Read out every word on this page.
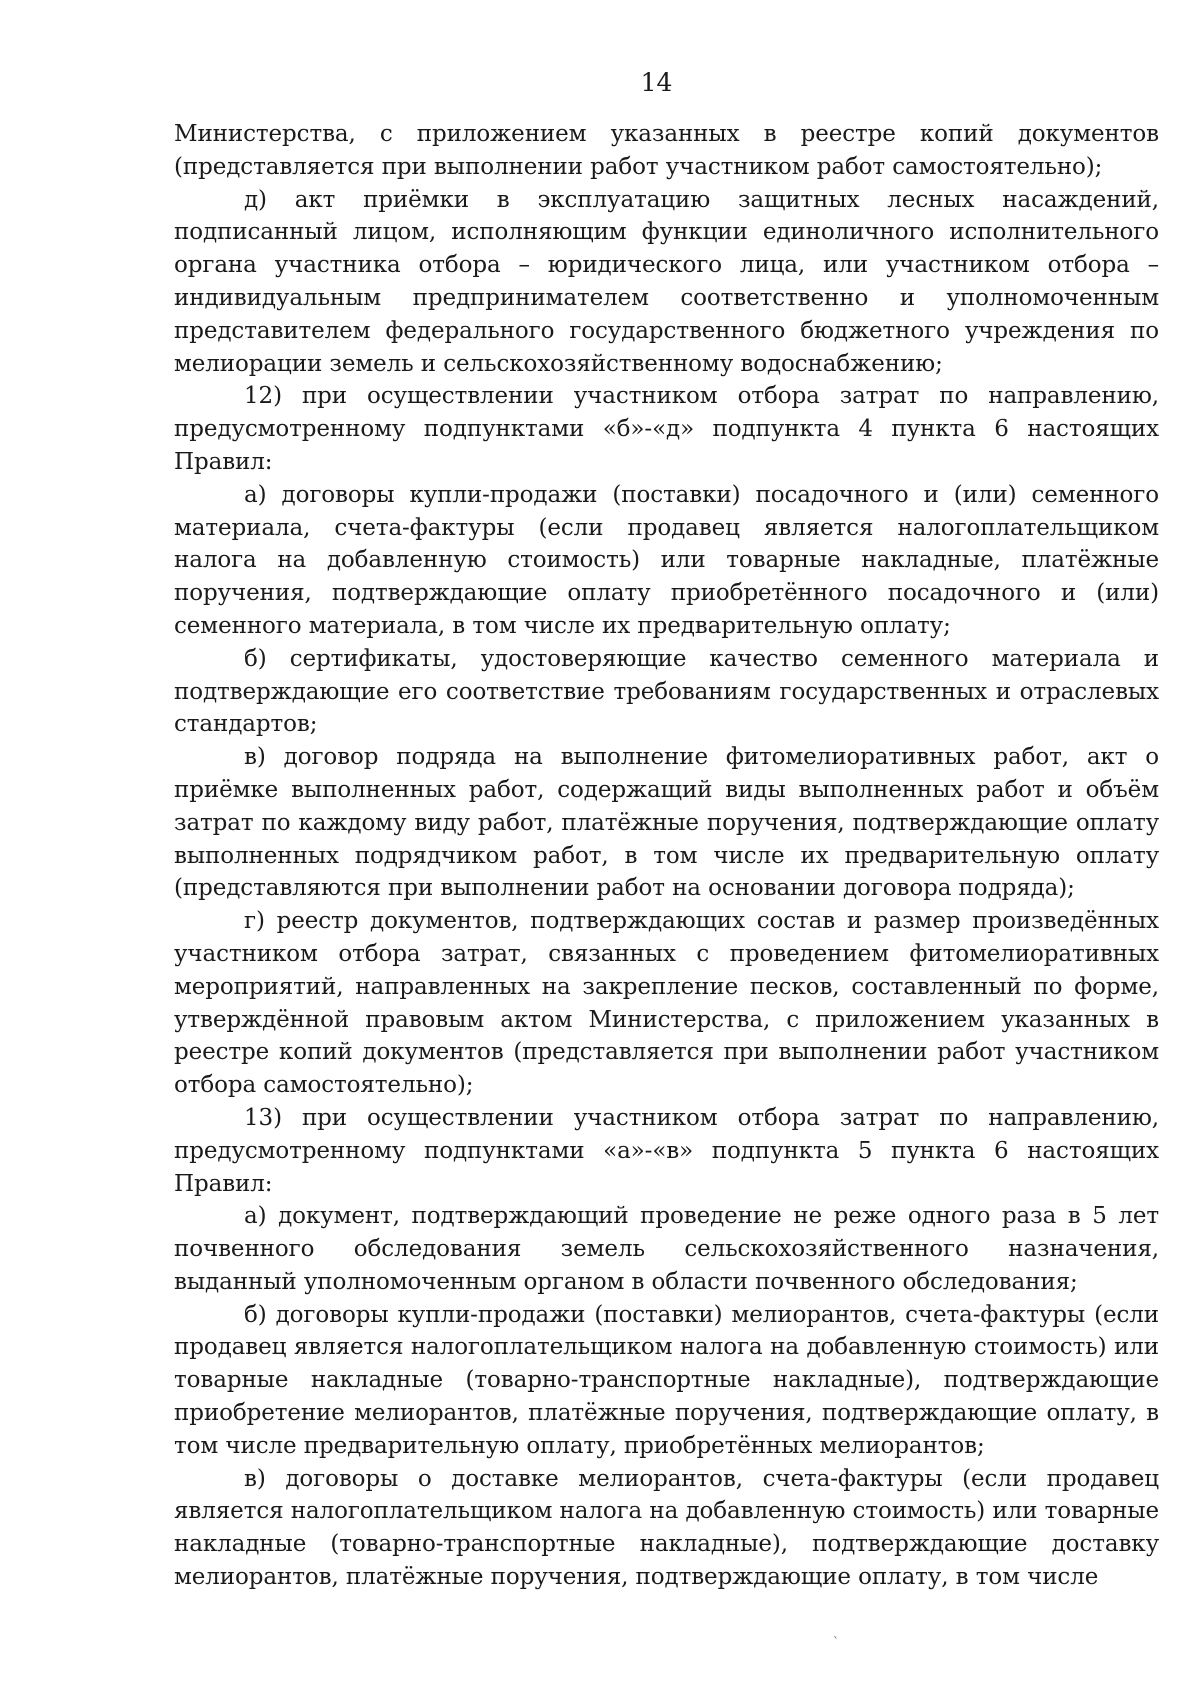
14

Министерства, с приложением указанных в реестре копий документов (представляется при выполнении работ участником работ самостоятельно);

д) акт приёмки в эксплуатацию защитных лесных насаждений, подписанный лицом, исполняющим функции единоличного исполнительного органа участника отбора – юридического лица, или участником отбора – индивидуальным предпринимателем соответственно и уполномоченным представителем федерального государственного бюджетного учреждения по мелиорации земель и сельскохозяйственному водоснабжению;

12) при осуществлении участником отбора затрат по направлению, предусмотренному подпунктами «б»-«д» подпункта 4 пункта 6 настоящих Правил:

а) договоры купли-продажи (поставки) посадочного и (или) семенного материала, счета-фактуры (если продавец является налогоплательщиком налога на добавленную стоимость) или товарные накладные, платёжные поручения, подтверждающие оплату приобретённого посадочного и (или) семенного материала, в том числе их предварительную оплату;

б) сертификаты, удостоверяющие качество семенного материала и подтверждающие его соответствие требованиям государственных и отраслевых стандартов;

в) договор подряда на выполнение фитомелиоративных работ, акт о приёмке выполненных работ, содержащий виды выполненных работ и объём затрат по каждому виду работ, платёжные поручения, подтверждающие оплату выполненных подрядчиком работ, в том числе их предварительную оплату (представляются при выполнении работ на основании договора подряда);

г) реестр документов, подтверждающих состав и размер произведённых участником отбора затрат, связанных с проведением фитомелиоративных мероприятий, направленных на закрепление песков, составленный по форме, утверждённой правовым актом Министерства, с приложением указанных в реестре копий документов (представляется при выполнении работ участником отбора самостоятельно);

13) при осуществлении участником отбора затрат по направлению, предусмотренному подпунктами «а»-«в» подпункта 5 пункта 6 настоящих Правил:

а) документ, подтверждающий проведение не реже одного раза в 5 лет почвенного обследования земель сельскохозяйственного назначения, выданный уполномоченным органом в области почвенного обследования;

б) договоры купли-продажи (поставки) мелиорантов, счета-фактуры (если продавец является налогоплательщиком налога на добавленную стоимость) или товарные накладные (товарно-транспортные накладные), подтверждающие приобретение мелиорантов, платёжные поручения, подтверждающие оплату, в том числе предварительную оплату, приобретённых мелиорантов;

в) договоры о доставке мелиорантов, счета-фактуры (если продавец является налогоплательщиком налога на добавленную стоимость) или товарные накладные (товарно-транспортные накладные), подтверждающие доставку мелиорантов, платёжные поручения, подтверждающие оплату, в том числе

ˋ
